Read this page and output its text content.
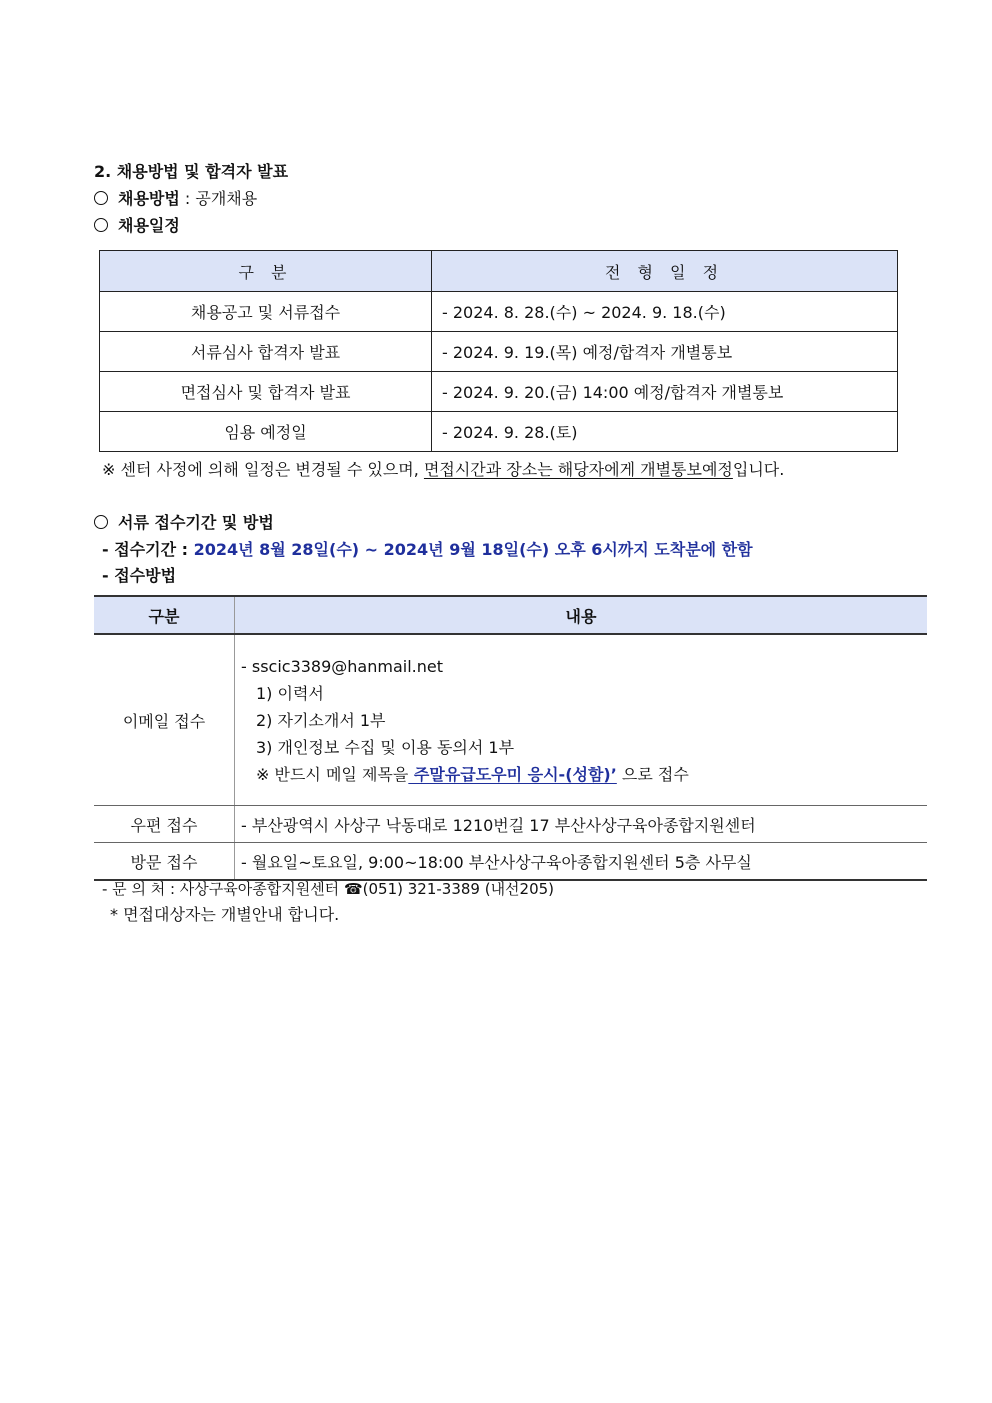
2. 채용방법 및 합격자 발표
채용방법 : 공개채용
채용일정
구 분	전 형 일 정
채용공고 및 서류접수	- 2024. 8. 28.(수) ~ 2024. 9. 18.(수)
서류심사 합격자 발표	- 2024. 9. 19.(목) 예정/합격자 개별통보
면접심사 및 합격자 발표	- 2024. 9. 20.(금) 14:00 예정/합격자 개별통보
임용 예정일	- 2024. 9. 28.(토)
※ 센터 사정에 의해 일정은 변경될 수 있으며, 면접시간과 장소는 해당자에게 개별통보예정입니다.
서류 접수기간 및 방법
- 접수기간 : 2024년 8월 28일(수) ~ 2024년 9월 18일(수) 오후 6시까지 도착분에 한함
- 접수방법
구분	내용
이메일 접수	- sscic3389@hanmail.net
1) 이력서
2) 자기소개서 1부
3) 개인정보 수집 및 이용 동의서 1부
※ 반드시 메일 제목을 주말유급도우미 응시-(성함)’ 으로 접수

우편 접수	- 부산광역시 사상구 낙동대로 1210번길 17 부산사상구육아종합지원센터
방문 접수	- 월요일~토요일, 9:00~18:00 부산사상구육아종합지원센터 5층 사무실
- 문 의 처 : 사상구육아종합지원센터 ☎(051) 321-3389 (내선205)
* 면접대상자는 개별안내 합니다.
